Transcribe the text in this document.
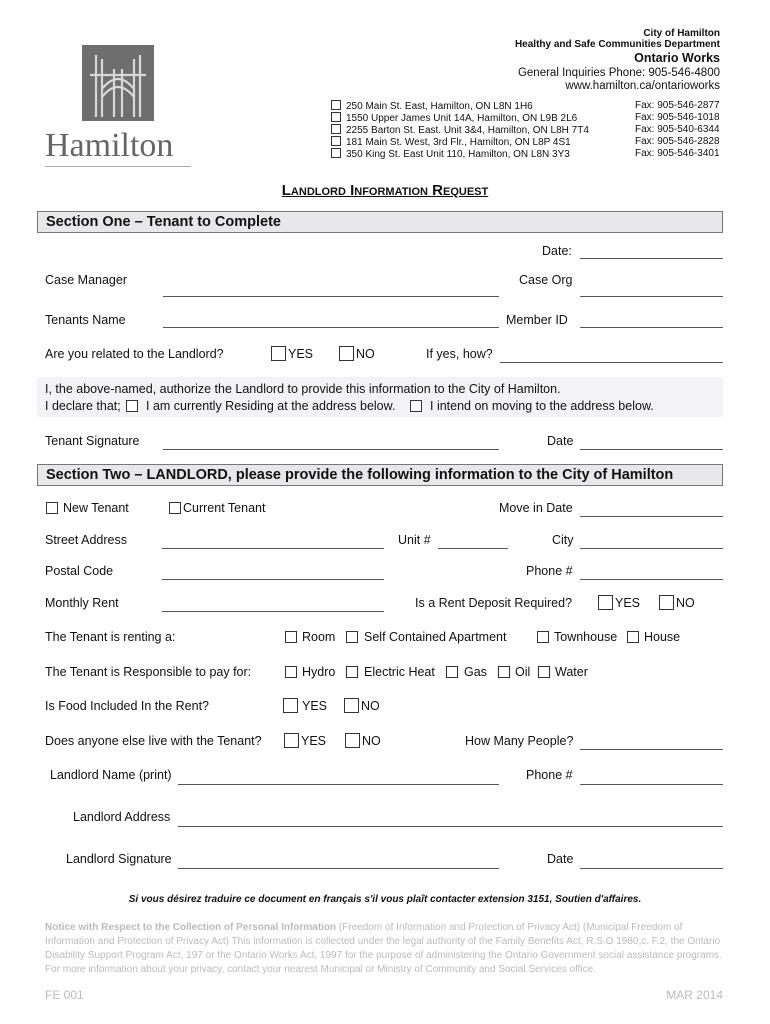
Hamilton
City of Hamilton
Healthy and Safe Communities Department
Ontario Works
General Inquiries Phone: 905-546-4800
www.hamilton.ca/ontarioworks
250 Main St. East, Hamilton, ON L8N 1H6	Fax: 905-546-2877
1550 Upper James Unit 14A, Hamilton, ON L9B 2L6	Fax: 905-546-1018
2255 Barton St. East. Unit 3&4, Hamilton, ON L8H 7T4	Fax: 905-540-6344
181 Main St. West, 3rd Flr., Hamilton, ON L8P 4S1	Fax: 905-546-2828
350 King St. East Unit 110, Hamilton, ON L8N 3Y3	Fax: 905-546-3401
Landlord Information Request
Section One – Tenant to Complete
Date:
Case Manager	Case Org
Tenants Name	Member ID
Are you related to the Landlord?	YES	NO	If yes, how?
I, the above-named, authorize the Landlord to provide this information to the City of Hamilton.
I declare that; I am currently Residing at the address below.	I intend on moving to the address below.
Tenant Signature	Date
Section Two – LANDLORD, please provide the following information to the City of Hamilton
New Tenant	Current Tenant	Move in Date
Street Address	Unit #	City
Postal Code	Phone #
Monthly Rent	Is a Rent Deposit Required?	YES	NO
The Tenant is renting a:	Room Self Contained Apartment	Townhouse House
The Tenant is Responsible to pay for:	Hydro Electric Heat Gas Oil Water
Is Food Included In the Rent?	YES	NO
Does anyone else live with the Tenant?	YES	NO	How Many People?
Landlord Name (print)	Phone #
Landlord Address
Landlord Signature	Date
Si vous désirez traduire ce document en français s'il vous plaît contacter extension 3151, Soutien d'affaires.
Notice with Respect to the Collection of Personal Information (Freedom of Information and Protection of Privacy Act) (Municipal Freedom of Information and Protection of Privacy Act) This information is collected under the legal authority of the Family Benefits Act, R.S.O 1980,c. F.2, the Ontario Disability Support Program Act, 197 or the Ontario Works Act, 1997 for the purpose of administering the Ontario Government social assistance programs. For more information about your privacy, contact your nearest Municipal or Ministry of Community and Social Services office.
FE 001	MAR 2014
